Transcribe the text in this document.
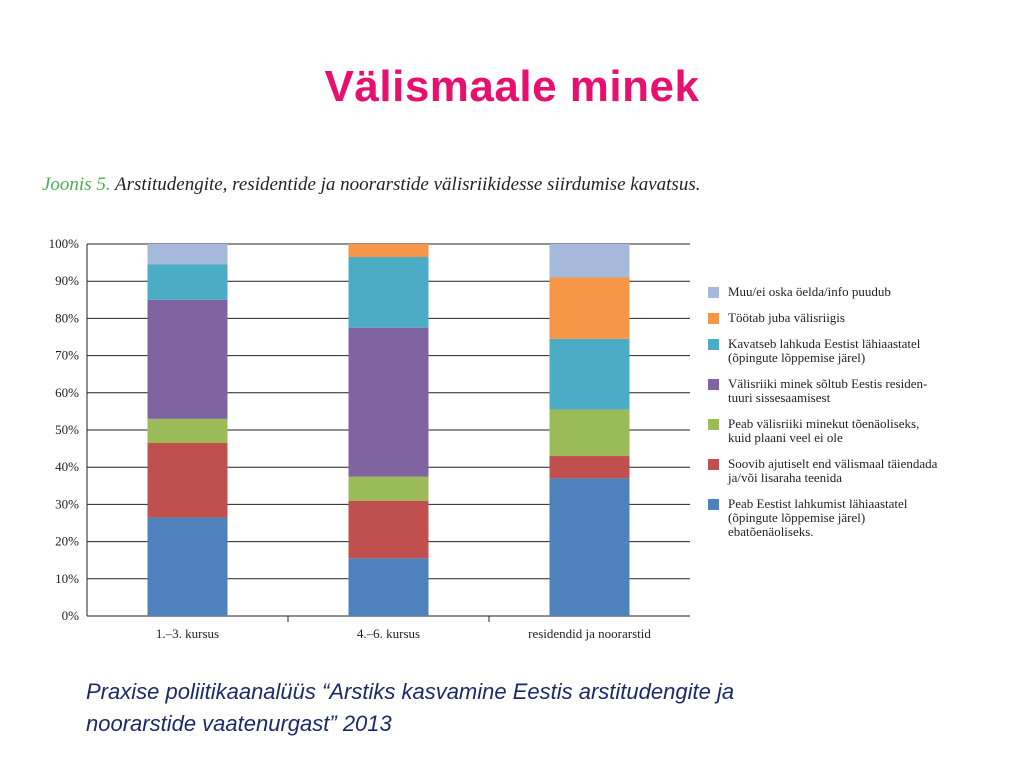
Välismaale minek
Joonis 5. Arstitudengite, residentide ja noorarstide välisriikidesse siirdumise kavatsus.
0%
10%
20%
30%
40%
50%
60%
70%
80%
90%
100%
1.–3. kursus	4.–6. kursus	residendid ja noorarstid
Muu/ei oska öelda/info puudub
Töötab juba välisriigis
Kavatseb lahkuda Eestist lähiaastatel
(õpingute lõppemise järel)
Välisriiki minek sõltub Eestis residen-
tuuri sissesaamisest
Peab välisriiki minekut tõenäoliseks,
kuid plaani veel ei ole
Soovib ajutiselt end välismaal täiendada
ja/või lisaraha teenida
Peab Eestist lahkumist lähiaastatel
(õpingute lõppemise järel)
ebatõenäoliseks.
Praxise poliitikaanalüüs “Arstiks kasvamine Eestis arstitudengite ja
noorarstide vaatenurgast” 2013
